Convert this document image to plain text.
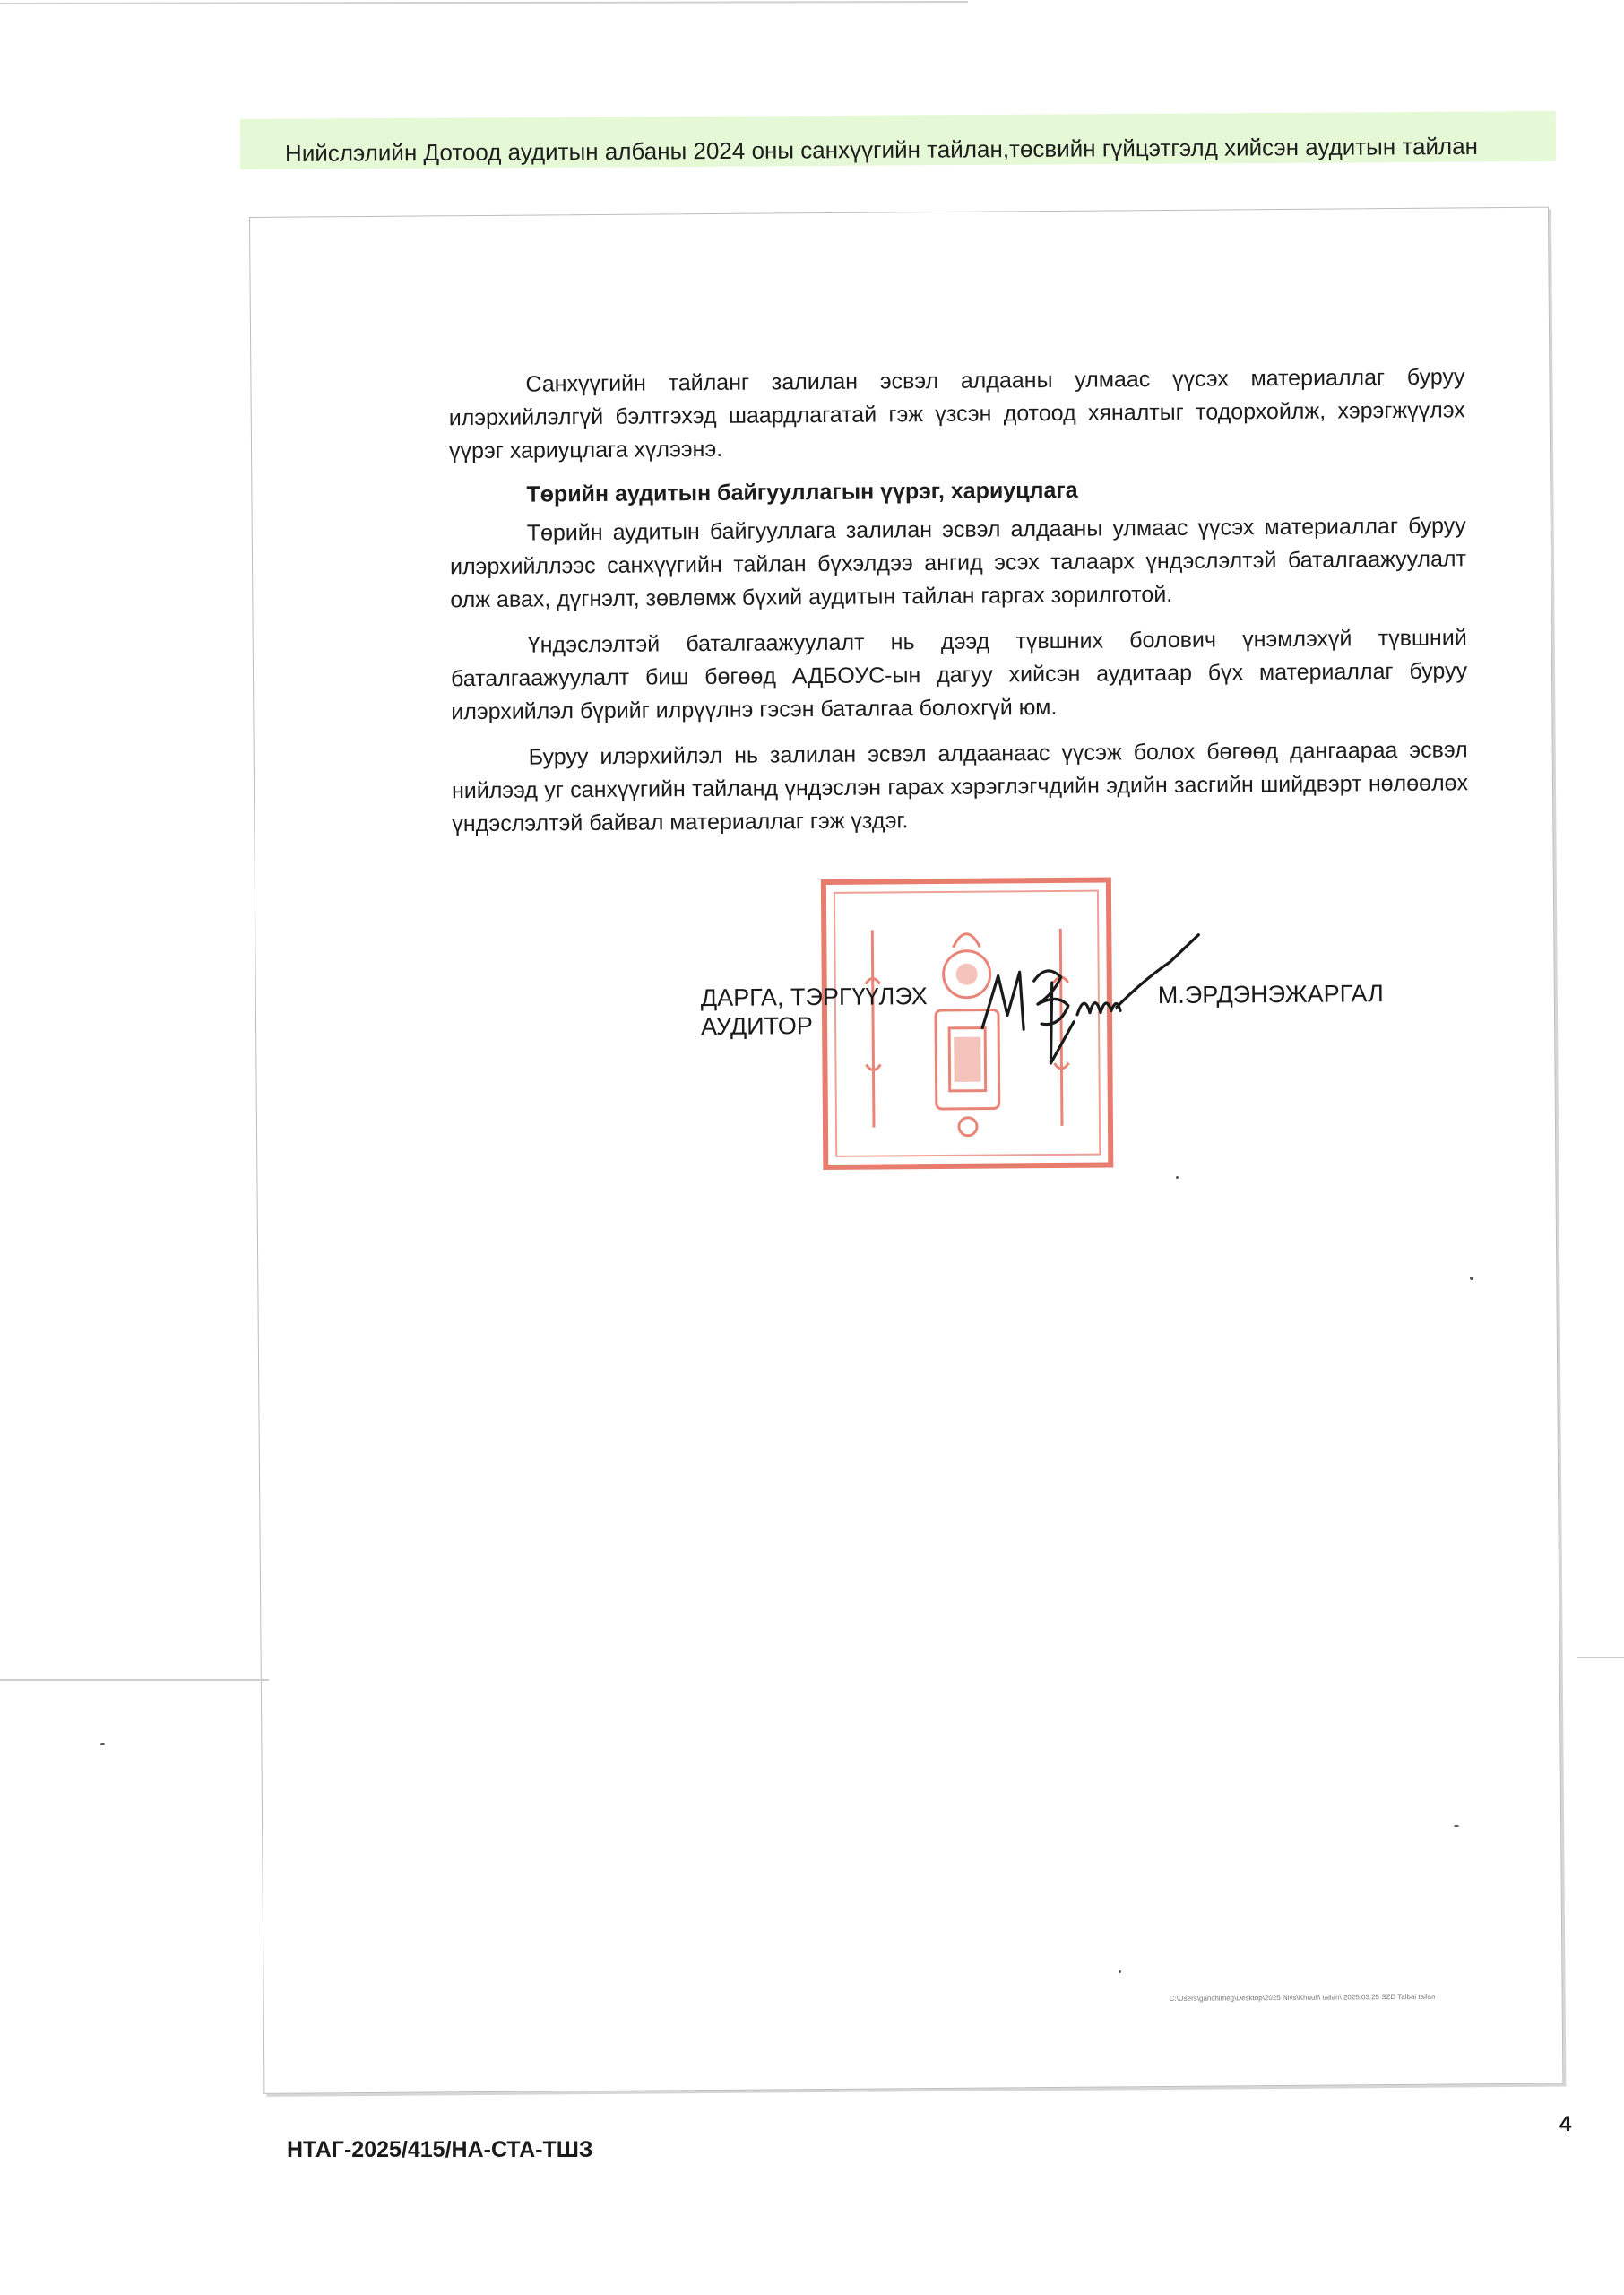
Нийслэлийн Дотоод аудитын албаны 2024 оны санхүүгийн тайлан,төсвийн гүйцэтгэлд хийсэн аудитын тайлан

Санхүүгийн тайланг залилан эсвэл алдааны улмаас үүсэх материаллаг буруу илэрхийлэлгүй бэлтгэхэд шаардлагатай гэж үзсэн дотоод хяналтыг тодорхойлж, хэрэгжүүлэх үүрэг хариуцлага хүлээнэ.

Төрийн аудитын байгууллагын үүрэг, хариуцлага

Төрийн аудитын байгууллага залилан эсвэл алдааны улмаас үүсэх материаллаг буруу илэрхийллээс санхүүгийн тайлан бүхэлдээ ангид эсэх талаарх үндэслэлтэй баталгаажуулалт олж авах, дүгнэлт, зөвлөмж бүхий аудитын тайлан гаргах зорилготой.

Үндэслэлтэй баталгаажуулалт нь дээд түвшних болович үнэмлэхүй түвшний баталгаажуулалт биш бөгөөд АДБОУС-ын дагуу хийсэн аудитаар бүх материаллаг буруу илэрхийлэл бүрийг илрүүлнэ гэсэн баталгаа болохгүй юм.

Буруу илэрхийлэл нь залилан эсвэл алдаанаас үүсэж болох бөгөөд дангаараа эсвэл нийлээд уг санхүүгийн тайланд үндэслэн гарах хэрэглэгчдийн эдийн засгийн шийдвэрт нөлөөлөх үндэслэлтэй байвал материаллаг гэж үздэг.

ДАРГА, ТЭРГҮҮЛЭХ
АУДИТОР
М.ЭРДЭНЭЖАРГАЛ
C:\Users\ganchimeg\Desktop\2025 Nivs\Khuuli\ tailan\ 2025.03.25 SZD Talbai tailan
НТАГ-2025/415/НА-СТА-ТШЗ
4
